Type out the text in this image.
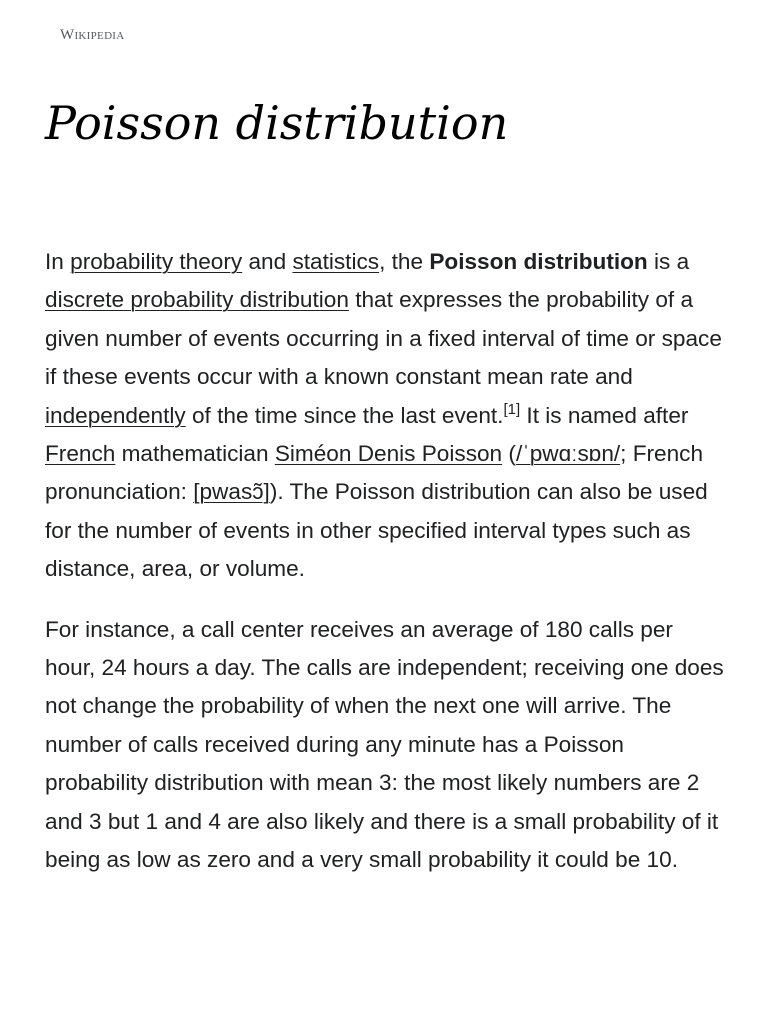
Wikipedia
Poisson distribution

In probability theory and statistics, the Poisson distribution is a discrete probability distribution that expresses the probability of a given number of events occurring in a fixed interval of time or space if these events occur with a known constant mean rate and independently of the time since the last event.[1] It is named after French mathematician Siméon Denis Poisson (/ˈpwɑːsɒn/; French pronunciation: [pwasɔ̃]). The Poisson distribution can also be used for the number of events in other specified interval types such as distance, area, or volume.

For instance, a call center receives an average of 180 calls per hour, 24 hours a day. The calls are independent; receiving one does not change the probability of when the next one will arrive. The number of calls received during any minute has a Poisson probability distribution with mean 3: the most likely numbers are 2 and 3 but 1 and 4 are also likely and there is a small probability of it being as low as zero and a very small probability it could be 10.
